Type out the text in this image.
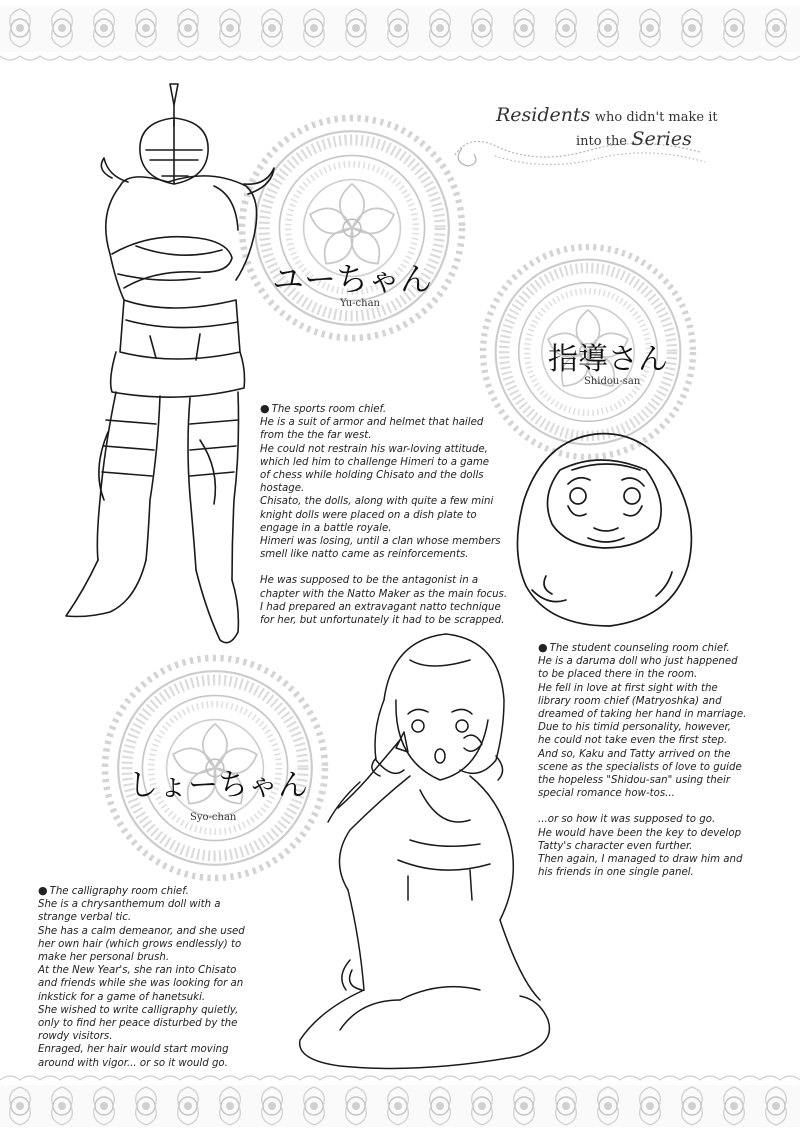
Residents who didn't make it
into the Series
ユーちゃん
Yu-chan

● The sports room chief.

He is a suit of armor and helmet that hailed

from the the far west.

He could not restrain his war-loving attitude,

which led him to challenge Himeri to a game

of chess while holding Chisato and the dolls

hostage.

Chisato, the dolls, along with quite a few mini

knight dolls were placed on a dish plate to

engage in a battle royale.

Himeri was losing, until a clan whose members

smell like natto came as reinforcements.

He was supposed to be the antagonist in a

chapter with the Natto Maker as the main focus.

I had prepared an extravagant natto technique

for her, but unfortunately it had to be scrapped.

指導さん
Shidou-san

● The student counseling room chief.

He is a daruma doll who just happened

to be placed there in the room.

He fell in love at first sight with the

library room chief (Matryoshka) and

dreamed of taking her hand in marriage.

Due to his timid personality, however,

he could not take even the first step.

And so, Kaku and Tatty arrived on the

scene as the specialists of love to guide

the hopeless "Shidou-san" using their

special romance how-tos...

...or so how it was supposed to go.

He would have been the key to develop

Tatty's character even further.

Then again, I managed to draw him and

his friends in one single panel.

しょーちゃん
Syo-chan

● The calligraphy room chief.

She is a chrysanthemum doll with a

strange verbal tic.

She has a calm demeanor, and she used

her own hair (which grows endlessly) to

make her personal brush.

At the New Year's, she ran into Chisato

and friends while she was looking for an

inkstick for a game of hanetsuki.

She wished to write calligraphy quietly,

only to find her peace disturbed by the

rowdy visitors.

Enraged, her hair would start moving

around with vigor... or so it would go.
